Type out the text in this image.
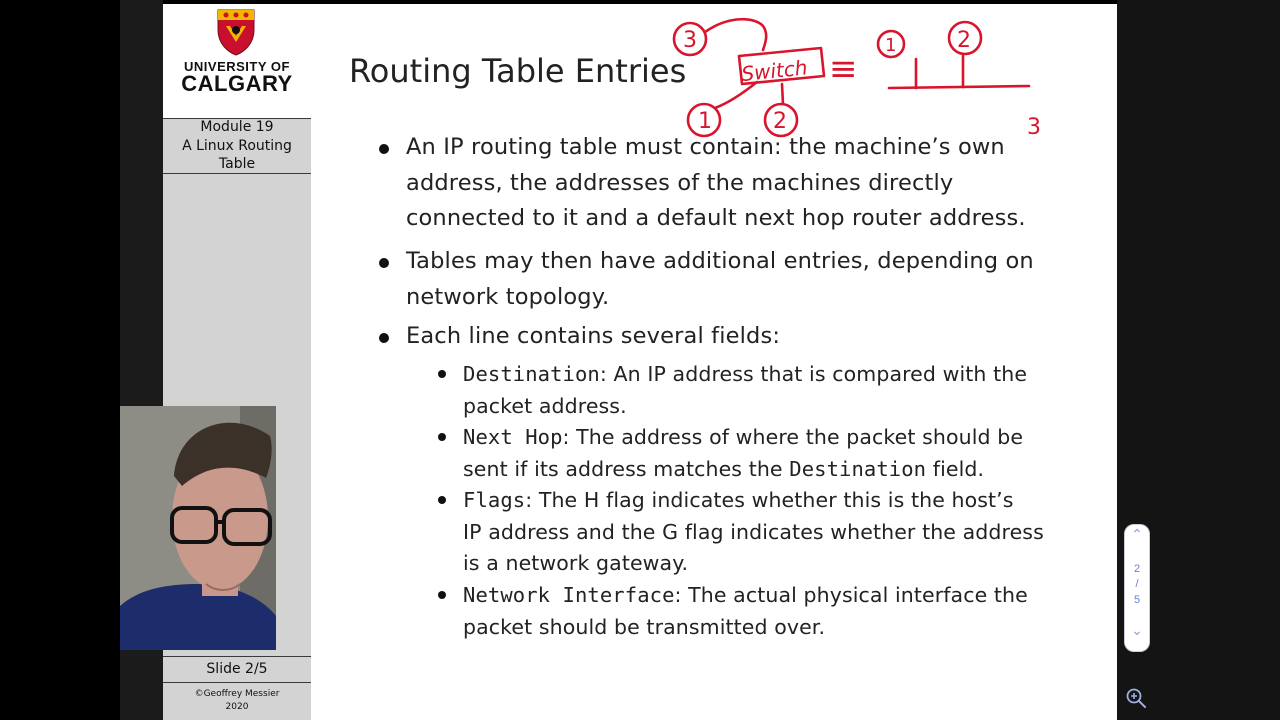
UNIVERSITY OF
CALGARY
Module 19
A Linux Routing
Table
Slide 2/5
©Geoffrey Messier
2020
Routing Table Entries
An IP routing table must contain: the machine’s own
address, the addresses of the machines directly
connected to it and a default next hop router address.
Tables may then have additional entries, depending on
network topology.
Each line contains several fields:
Destination: An IP address that is compared with the
packet address.
Next Hop: The address of where the packet should be
sent if its address matches the Destination field.
Flags: The H flag indicates whether this is the host’s
IP address and the G flag indicates whether the address
is a network gateway.
Network Interface: The actual physical interface the
packet should be transmitted over.
Switch
3
1	2
≡
1	2
3
⌃
2
/
5
⌄
